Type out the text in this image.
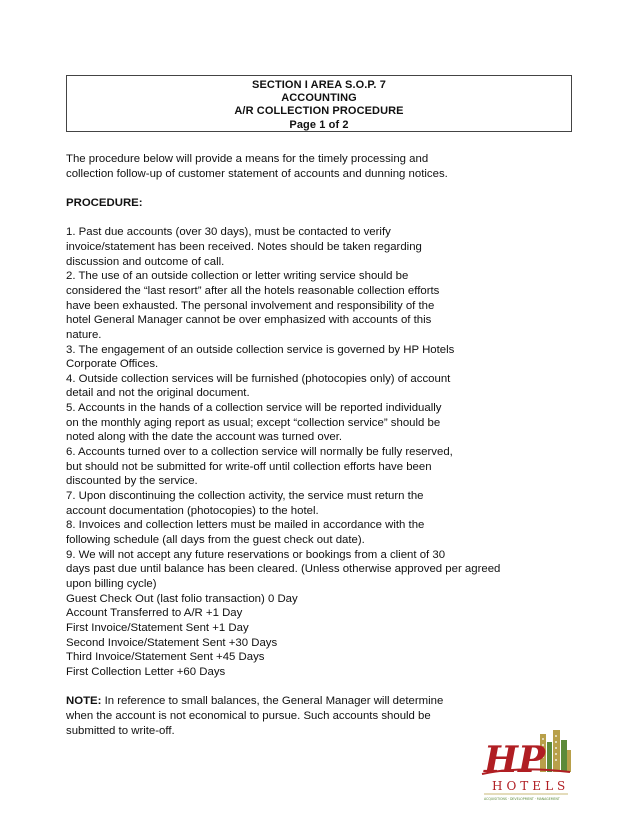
SECTION I AREA S.O.P. 7
ACCOUNTING
A/R COLLECTION PROCEDURE
Page 1 of 2

The procedure below will provide a means for the timely processing and

collection follow-up of customer statement of accounts and dunning notices.

PROCEDURE:

1. Past due accounts (over 30 days), must be contacted to verify

invoice/statement has been received. Notes should be taken regarding

discussion and outcome of call.

2. The use of an outside collection or letter writing service should be

considered the “last resort” after all the hotels reasonable collection efforts

have been exhausted. The personal involvement and responsibility of the

hotel General Manager cannot be over emphasized with accounts of this

nature.

3. The engagement of an outside collection service is governed by HP Hotels

Corporate Offices.

4. Outside collection services will be furnished (photocopies only) of account

detail and not the original document.

5. Accounts in the hands of a collection service will be reported individually

on the monthly aging report as usual; except “collection service” should be

noted along with the date the account was turned over.

6. Accounts turned over to a collection service will normally be fully reserved,

but should not be submitted for write-off until collection efforts have been

discounted by the service.

7. Upon discontinuing the collection activity, the service must return the

account documentation (photocopies) to the hotel.

8. Invoices and collection letters must be mailed in accordance with the

following schedule (all days from the guest check out date).

9. We will not accept any future reservations or bookings from a client of 30

days past due until balance has been cleared. (Unless otherwise approved per agreed

upon billing cycle)

Guest Check Out (last folio transaction) 0 Day

Account Transferred to A/R +1 Day

First Invoice/Statement Sent +1 Day

Second Invoice/Statement Sent +30 Days

Third Invoice/Statement Sent +45 Days

First Collection Letter +60 Days

NOTE: In reference to small balances, the General Manager will determine

when the account is not economical to pursue. Such accounts should be

submitted to write-off.

HP
HOTELS
ACQUISITIONS · DEVELOPMENT · MANAGEMENT
